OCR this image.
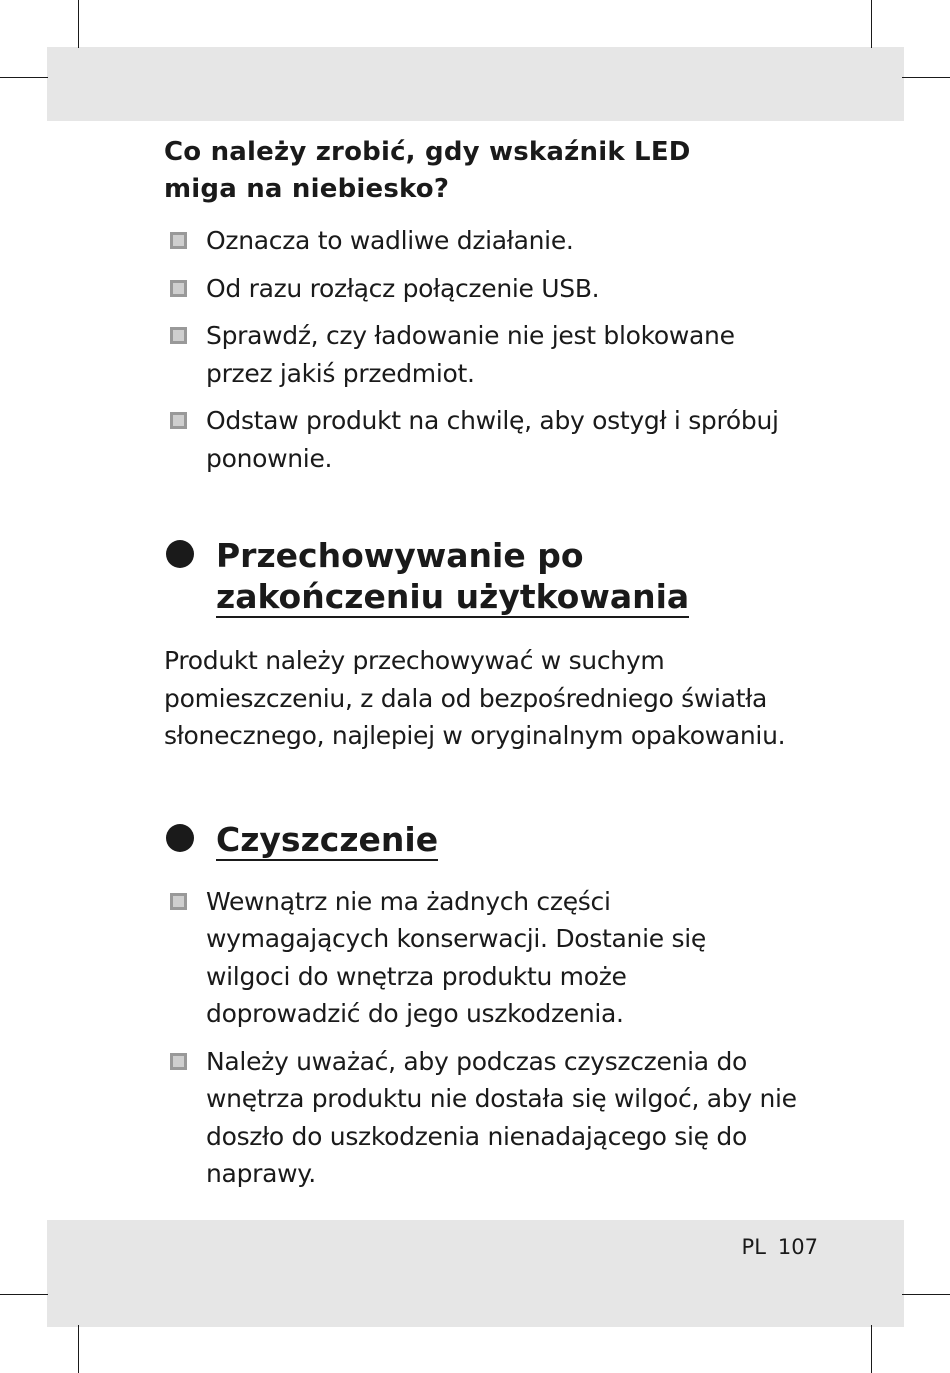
Co należy zrobić, gdy wskaźnik LED miga na niebiesko?
Oznacza to wadliwe działanie.
Od razu rozłącz połączenie USB.
Sprawdź, czy ładowanie nie jest blokowane przez jakiś przedmiot.
Odstaw produkt na chwilę, aby ostygł i spróbuj ponownie.
Przechowywanie po
zakończeniu użytkowania

Produkt należy przechowywać w suchym pomieszczeniu, z dala od bezpośredniego światła słonecznego, najlepiej w oryginalnym opakowaniu.

Czyszczenie
Wewnątrz nie ma żadnych części wymagających konserwacji. Dostanie się wilgoci do wnętrza produktu może doprowadzić do jego uszkodzenia.
Należy uważać, aby podczas czyszczenia do wnętrza produktu nie dostała się wilgoć, aby nie doszło do uszkodzenia nienadającego się do naprawy.
PL 107
